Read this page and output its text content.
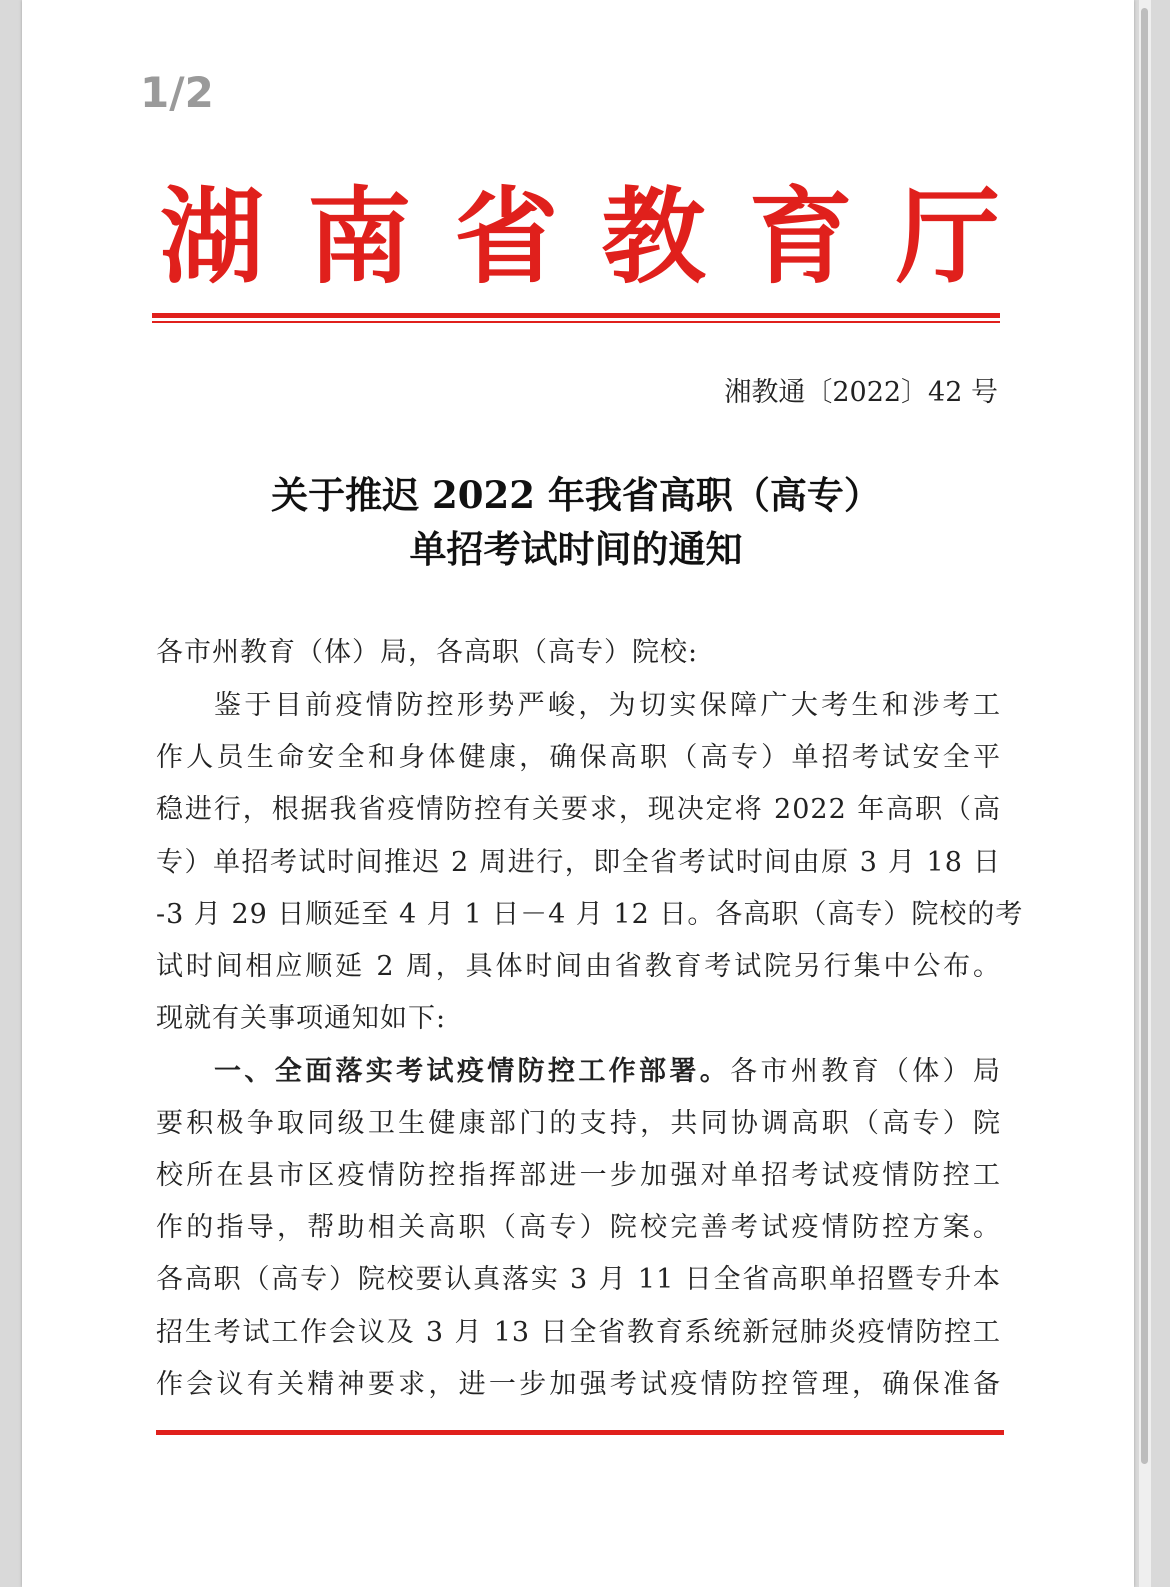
1/2
湖 南 省 教 育 厅
湘教通〔2022〕42 号
关于推迟 2022 年我省高职（高专）
单招考试时间的通知
各市州教育（体）局，各高职（高专）院校:
鉴于目前疫情防控形势严峻，为切实保障广大考生和涉考工
作人员生命安全和身体健康，确保高职（高专）单招考试安全平
稳进行，根据我省疫情防控有关要求，现决定将 2022 年高职（高
专）单招考试时间推迟 2 周进行，即全省考试时间由原 3 月 18 日
-3 月 29 日顺延至 4 月 1 日－4 月 12 日。各高职（高专）院校的考
试时间相应顺延 2 周，具体时间由省教育考试院另行集中公布。
现就有关事项通知如下:
一、全面落实考试疫情防控工作部署。各市州教育（体）局
要积极争取同级卫生健康部门的支持，共同协调高职（高专）院
校所在县市区疫情防控指挥部进一步加强对单招考试疫情防控工
作的指导，帮助相关高职（高专）院校完善考试疫情防控方案。
各高职（高专）院校要认真落实 3 月 11 日全省高职单招暨专升本
招生考试工作会议及 3 月 13 日全省教育系统新冠肺炎疫情防控工
作会议有关精神要求，进一步加强考试疫情防控管理，确保准备
